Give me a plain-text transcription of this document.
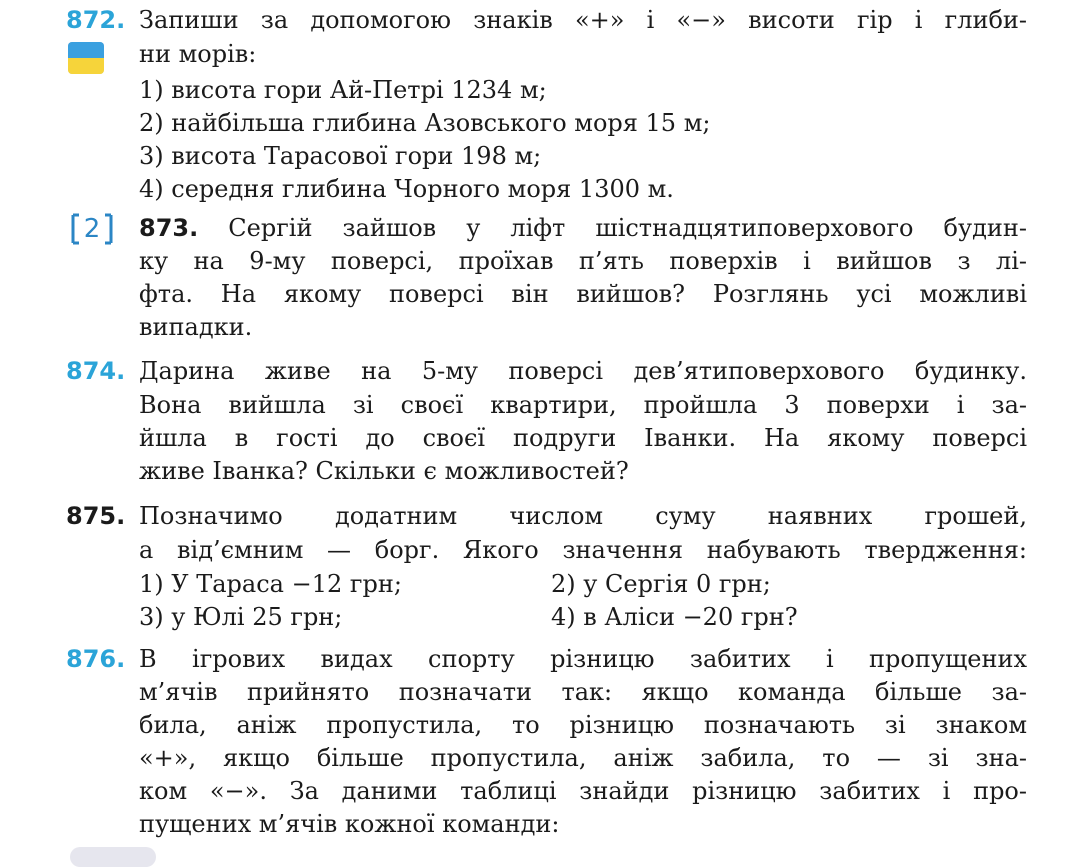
872. Запиши за допомогою знаків «+» і «−» висоти гір і глиби-
ни морів:
1) висота гори Ай-Петрі 1234 м;
2) найбільша глибина Азовського моря 15 м;
3) висота Тарасової гори 198 м;
4) середня глибина Чорного моря 1300 м.
2	873. Сергій зайшов у ліфт шістнадцятиповерхового будин-
ку на 9-му поверсі, проїхав п’ять поверхів і вийшов з лі-
фта. На якому поверсі він вийшов? Розглянь усі можливі
випадки.
874. Дарина живе на 5-му поверсі дев’ятиповерхового будинку.
Вона вийшла зі своєї квартири, пройшла 3 поверхи і за-
йшла в гості до своєї подруги Іванки. На якому поверсі
живе Іванка? Скільки є можливостей?
875. Позначимо додатним числом суму наявних грошей,
а від’ємним — борг. Якого значення набувають твердження:
1) У Тараса −12 грн;	2) у Сергія 0 грн;
3) у Юлі 25 грн;	4) в Аліси −20 грн?
876. В ігрових видах спорту різницю забитих і пропущених
м’ячів прийнято позначати так: якщо команда більше за-
била, аніж пропустила, то різницю позначають зі знаком
«+», якщо більше пропустила, аніж забила, то — зі зна-
ком «−». За даними таблиці знайди різницю забитих і про-
пущених м’ячів кожної команди:
